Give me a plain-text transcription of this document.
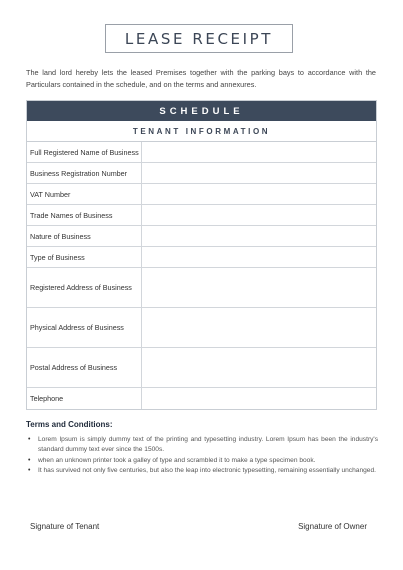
LEASE RECEIPT

The land lord hereby lets the leased Premises together with the parking bays to accordance with the Particulars contained in the schedule, and on the terms and annexures.

SCHEDULE
TENANT INFORMATION
Full Registered Name of Business
Business Registration Number
VAT Number
Trade Names of Business
Nature of Business
Type of Business
Registered Address of Business
Physical Address of Business
Postal Address of Business
Telephone
Terms and Conditions:
• Lorem Ipsum is simply dummy text of the printing and typesetting industry. Lorem Ipsum has been the industry's standard dummy text ever since the 1500s.
• when an unknown printer took a galley of type and scrambled it to make a type specimen book.
• It has survived not only five centuries, but also the leap into electronic typesetting, remaining essentially unchanged.
Signature of Tenant	Signature of Owner
